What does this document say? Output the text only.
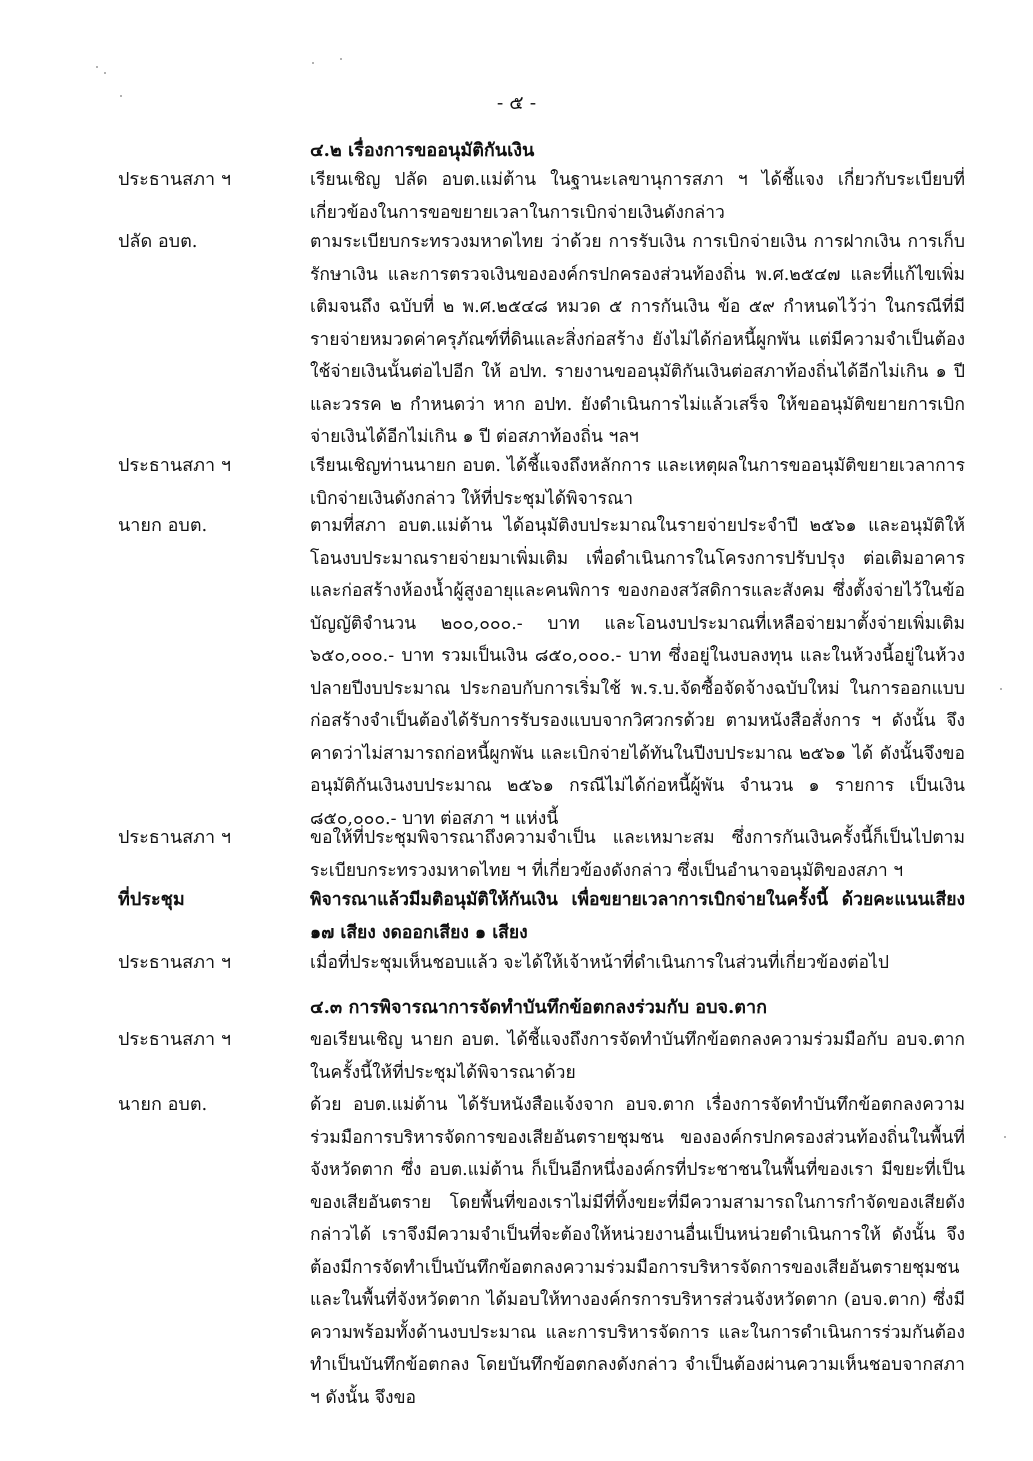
- ๕ -
๔.๒ เรื่องการขออนุมัติกันเงิน
ประธานสภา ฯ	เรียนเชิญ ปลัด อบต.แม่ต้าน ในฐานะเลขานุการสภา ฯ ได้ชี้แจง เกี่ยวกับระเบียบที่เกี่ยวข้องในการขอขยายเวลาในการเบิกจ่ายเงินดังกล่าว
ปลัด อบต.	ตามระเบียบกระทรวงมหาดไทย ว่าด้วย การรับเงิน การเบิกจ่ายเงิน การฝากเงิน การเก็บรักษาเงิน และการตรวจเงินขององค์กรปกครองส่วนท้องถิ่น พ.ศ.๒๕๔๗ และที่แก้ไขเพิ่มเติมจนถึง ฉบับที่ ๒ พ.ศ.๒๕๔๘ หมวด ๕ การกันเงิน ข้อ ๕๙ กำหนดไว้ว่า ในกรณีที่มีรายจ่ายหมวดค่าครุภัณฑ์ที่ดินและสิ่งก่อสร้าง ยังไม่ได้ก่อหนี้ผูกพัน แต่มีความจำเป็นต้องใช้จ่ายเงินนั้นต่อไปอีก ให้ อปท. รายงานขออนุมัติกันเงินต่อสภาท้องถิ่นได้อีกไม่เกิน ๑ ปี และวรรค ๒ กำหนดว่า หาก อปท. ยังดำเนินการไม่แล้วเสร็จ ให้ขออนุมัติขยายการเบิกจ่ายเงินได้อีกไม่เกิน ๑ ปี ต่อสภาท้องถิ่น ฯลฯ
ประธานสภา ฯ	เรียนเชิญท่านนายก อบต. ได้ชี้แจงถึงหลักการ และเหตุผลในการขออนุมัติขยายเวลาการเบิกจ่ายเงินดังกล่าว ให้ที่ประชุมได้พิจารณา
นายก อบต.	ตามที่สภา อบต.แม่ต้าน ได้อนุมัติงบประมาณในรายจ่ายประจำปี ๒๕๖๑ และอนุมัติให้โอนงบประมาณรายจ่ายมาเพิ่มเติม เพื่อดำเนินการในโครงการปรับปรุง ต่อเติมอาคาร และก่อสร้างห้องน้ำผู้สูงอายุและคนพิการ ของกองสวัสดิการและสังคม ซึ่งตั้งจ่ายไว้ในข้อบัญญัติจำนวน ๒๐๐,๐๐๐.- บาท และโอนงบประมาณที่เหลือจ่ายมาตั้งจ่ายเพิ่มเติม ๖๕๐,๐๐๐.- บาท รวมเป็นเงิน ๘๕๐,๐๐๐.- บาท ซึ่งอยู่ในงบลงทุน และในห้วงนี้อยู่ในห้วงปลายปีงบประมาณ ประกอบกับการเริ่มใช้ พ.ร.บ.จัดซื้อจัดจ้างฉบับใหม่ ในการออกแบบก่อสร้างจำเป็นต้องได้รับการรับรองแบบจากวิศวกรด้วย ตามหนังสือสั่งการ ฯ ดังนั้น จึงคาดว่าไม่สามารถก่อหนี้ผูกพัน และเบิกจ่ายได้ทันในปีงบประมาณ ๒๕๖๑ ได้ ดังนั้นจึงขออนุมัติกันเงินงบประมาณ ๒๕๖๑ กรณีไม่ได้ก่อหนี้ผู้พัน จำนวน ๑ รายการ เป็นเงิน ๘๕๐,๐๐๐.- บาท ต่อสภา ฯ แห่งนี้
ประธานสภา ฯ	ขอให้ที่ประชุมพิจารณาถึงความจำเป็น และเหมาะสม ซึ่งการกันเงินครั้งนี้ก็เป็นไปตามระเบียบกระทรวงมหาดไทย ฯ ที่เกี่ยวข้องดังกล่าว ซึ่งเป็นอำนาจอนุมัติของสภา ฯ
ที่ประชุม	พิจารณาแล้วมีมติอนุมัติให้กันเงิน เพื่อขยายเวลาการเบิกจ่ายในครั้งนี้ ด้วยคะแนนเสียง ๑๗ เสียง งดออกเสียง ๑ เสียง
ประธานสภา ฯ	เมื่อที่ประชุมเห็นชอบแล้ว จะได้ให้เจ้าหน้าที่ดำเนินการในส่วนที่เกี่ยวข้องต่อไป
๔.๓ การพิจารณาการจัดทำบันทึกข้อตกลงร่วมกับ อบจ.ตาก
ประธานสภา ฯ	ขอเรียนเชิญ นายก อบต. ได้ชี้แจงถึงการจัดทำบันทึกข้อตกลงความร่วมมือกับ อบจ.ตาก ในครั้งนี้ให้ที่ประชุมได้พิจารณาด้วย
นายก อบต.	ด้วย อบต.แม่ต้าน ได้รับหนังสือแจ้งจาก อบจ.ตาก เรื่องการจัดทำบันทึกข้อตกลงความร่วมมือการบริหารจัดการของเสียอันตรายชุมชน ขององค์กรปกครองส่วนท้องถิ่นในพื้นที่จังหวัดตาก ซึ่ง อบต.แม่ต้าน ก็เป็นอีกหนึ่งองค์กรที่ประชาชนในพื้นที่ของเรา มีขยะที่เป็นของเสียอันตราย โดยพื้นที่ของเราไม่มีที่ทิ้งขยะที่มีความสามารถในการกำจัดของเสียดังกล่าวได้ เราจึงมีความจำเป็นที่จะต้องให้หน่วยงานอื่นเป็นหน่วยดำเนินการให้ ดังนั้น จึงต้องมีการจัดทำเป็นบันทึกข้อตกลงความร่วมมือการบริหารจัดการของเสียอันตรายชุมชน และในพื้นที่จังหวัดตาก ได้มอบให้ทางองค์กรการบริหารส่วนจังหวัดตาก (อบจ.ตาก) ซึ่งมีความพร้อมทั้งด้านงบประมาณ และการบริหารจัดการ และในการดำเนินการร่วมกันต้องทำเป็นบันทึกข้อตกลง โดยบันทึกข้อตกลงดังกล่าว จำเป็นต้องผ่านความเห็นชอบจากสภา ฯ ดังนั้น จึงขอ
